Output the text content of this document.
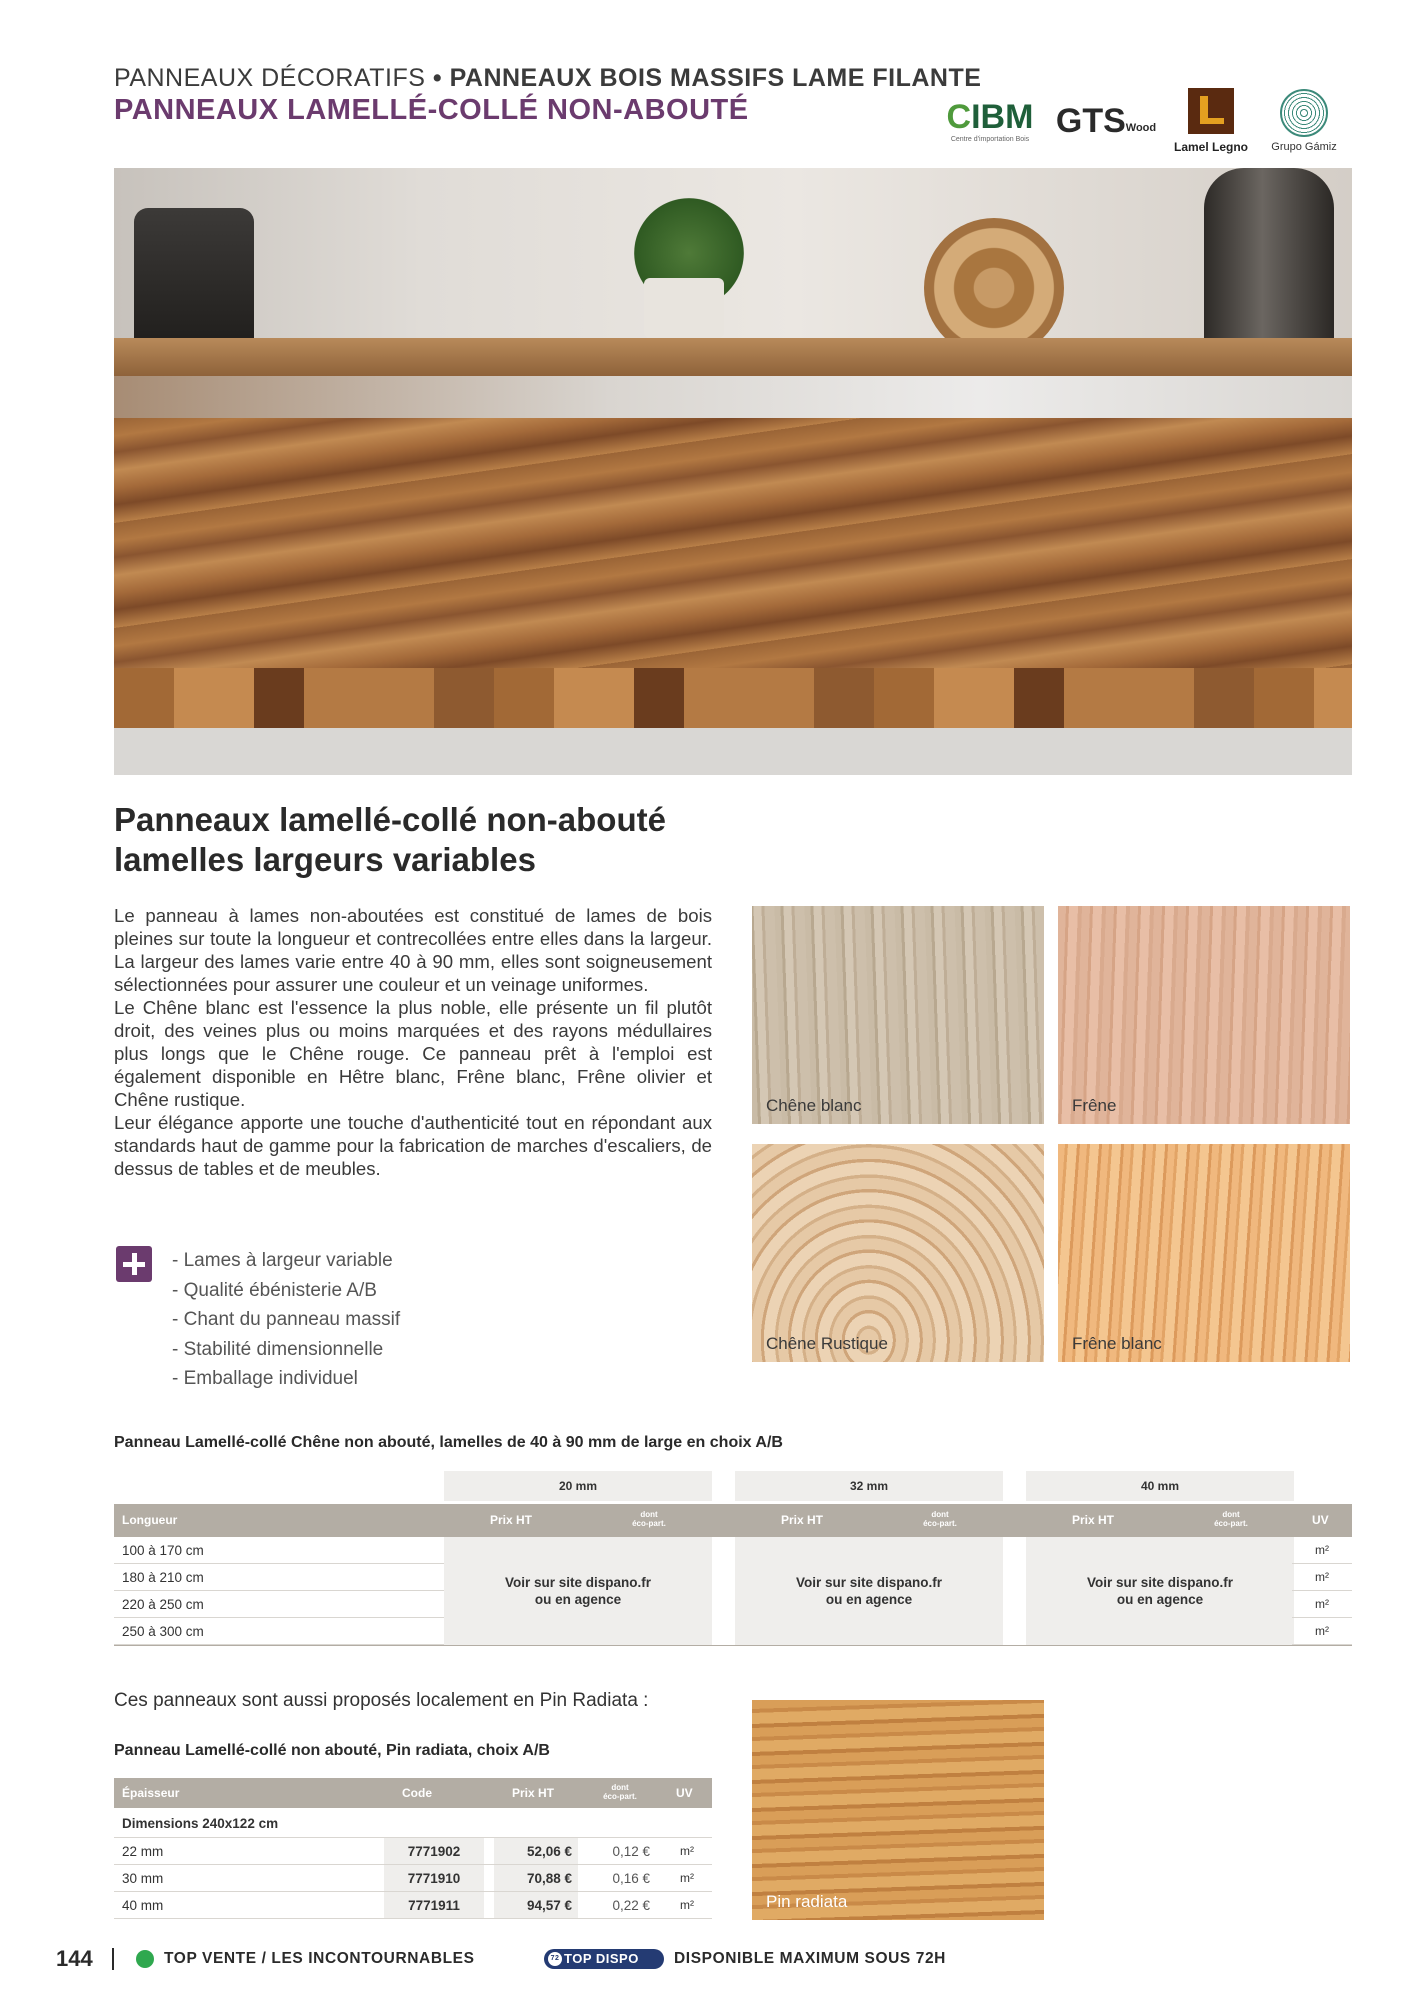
PANNEAUX DÉCORATIFS • PANNEAUX BOIS MASSIFS LAME FILANTE
PANNEAUX LAMELLÉ-COLLÉ NON-ABOUTÉ	CIBM
Centre d'importation Bois GTS Wood
Lamel Legno Grupo Gámiz
Panneaux lamellé-collé non-abouté
lamelles largeurs variables

Le panneau à lames non-aboutées est constitué de lames de bois pleines sur toute la longueur et contrecollées entre elles dans la largeur. La largeur des lames varie entre 40 à 90 mm, elles sont soigneusement sélectionnées pour assurer une couleur et un veinage uniformes.

Le Chêne blanc est l'essence la plus noble, elle présente un fil plutôt droit, des veines plus ou moins marquées et des rayons médullaires plus longs que le Chêne rouge. Ce panneau prêt à l'emploi est également disponible en Hêtre blanc, Frêne blanc, Frêne olivier et Chêne rustique.

Leur élégance apporte une touche d'authenticité tout en répondant aux standards haut de gamme pour la fabrication de marches d'escaliers, de dessus de tables et de meubles.

- Lames à largeur variable
- Qualité ébénisterie A/B
- Chant du panneau massif
- Stabilité dimensionnelle
- Emballage individuel
Chêne blanc	Frêne
Chêne Rustique	Frêne blanc
Panneau Lamellé-collé Chêne non abouté, lamelles de 40 à 90 mm de large en choix A/B
20 mm	32 mm	40 mm
Longueur	Prix HT	dont
éco-part.	Prix HT	dont
éco-part.	Prix HT	dont
éco-part.	UV
100 à 170 cm
180 à 210 cm
220 à 250 cm
250 à 300 cm
Voir sur site dispano.fr
ou en agence
Voir sur site dispano.fr
ou en agence
Voir sur site dispano.fr
ou en agence
m²
m²
m²
m²
Ces panneaux sont aussi proposés localement en Pin Radiata :
Panneau Lamellé-collé non abouté, Pin radiata, choix A/B
Épaisseur	Code	Prix HT	dont
éco-part.	UV
Dimensions 240x122 cm
22 mm	7771902	52,06 €	0,12 €	m²
30 mm	7771910	70,88 €	0,16 €	m²
40 mm	7771911	94,57 €	0,22 €	m²	Pin radiata
144	TOP VENTE / LES INCONTOURNABLES
72	TOP DISPO	DISPONIBLE MAXIMUM SOUS 72H
